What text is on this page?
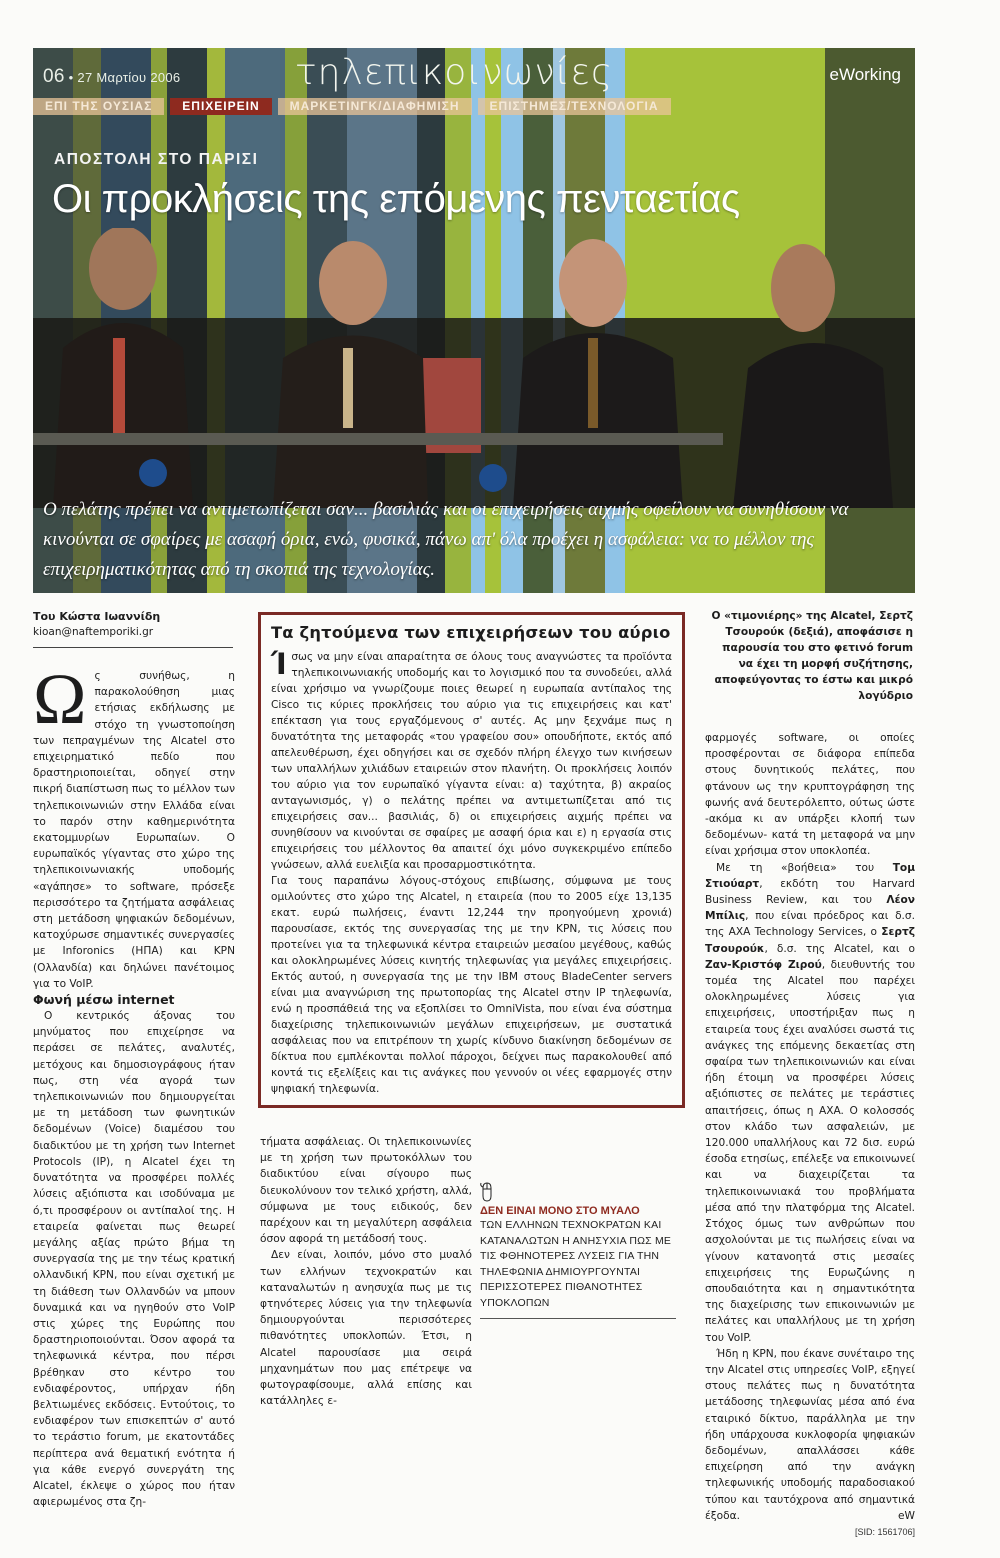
06 • 27 Μαρτίου 2006	τηλεπικοινωνίες	eWorking
ΕΠΙ ΤΗΣ ΟΥΣΙΑΣ	ΕΠΙΧΕΙΡΕΙΝ	ΜΑΡΚΕΤΙΝΓΚ/ΔΙΑΦΗΜΙΣΗ	ΕΠΙΣΤΗΜΕΣ/ΤΕΧΝΟΛΟΓΙΑ
ΑΠΟΣΤΟΛΗ ΣΤΟ ΠΑΡΙΣΙ
Οι προκλήσεις της επόμενης πενταετίας
Ο πελάτης πρέπει να αντιμετωπίζεται σαν... βασιλιάς και οι επιχειρήσεις αιχμής οφείλουν να συνηθίσουν να κινούνται σε σφαίρες με ασαφή όρια, ενώ, φυσικά, πάνω απ' όλα προέχει η ασφάλεια: να το μέλλον της επιχειρηματικότητας από τη σκοπιά της τεχνολογίας.
Του Κώστα Ιωαννίδη
kioan@naftemporiki.gr
Ω ς συνήθως, η παρακολούθηση μιας ετήσιας εκδήλωσης με στόχο τη γνωστοποίηση των πεπραγμένων της Alcatel στο επιχειρηματικό πεδίο που δραστηριοποιείται, οδηγεί στην πικρή διαπίστωση πως το μέλλον των τηλεπικοινωνιών στην Ελλάδα είναι το παρόν στην καθημερινότητα εκατομμυρίων Ευρωπαίων. Ο ευρωπαϊκός γίγαντας στο χώρο της τηλεπικοινωνιακής υποδομής «αγάπησε» το software, πρόσεξε περισσότερο τα ζητήματα ασφάλειας στη μετάδοση ψηφιακών δεδομένων, κατοχύρωσε σημαντικές συνεργασίες με Inforonics (ΗΠΑ) και KPN (Ολλανδία) και δηλώνει πανέτοιμος για το VoIP.
Φωνή μέσω internet
Ο κεντρικός άξονας του μηνύματος που επιχείρησε να περάσει σε πελάτες, αναλυτές, μετόχους και δημοσιογράφους ήταν πως, στη νέα αγορά των τηλεπικοινωνιών που δημιουργείται με τη μετάδοση των φωνητικών δεδομένων (Voice) διαμέσου του διαδικτύου με τη χρήση των Internet Protocols (IP), η Alcatel έχει τη δυνατότητα να προσφέρει πολλές λύσεις αξιόπιστα και ισοδύναμα με ό,τι προσφέρουν οι αντίπαλοί της. Η εταιρεία φαίνεται πως θεωρεί μεγάλης αξίας πρώτο βήμα τη συνεργασία της με την τέως κρατική ολλανδική KPN, που είναι σχετική με τη διάθεση των Ολλανδών να μπουν δυναμικά και να ηγηθούν στο VoIP στις χώρες της Ευρώπης που δραστηριοποιούνται. Όσον αφορά τα τηλεφωνικά κέντρα, που πέρσι βρέθηκαν στο κέντρο του ενδιαφέροντος, υπήρχαν ήδη βελτιωμένες εκδόσεις. Εντούτοις, το ενδιαφέρον των επισκεπτών σ' αυτό το τεράστιο forum, με εκατοντάδες περίπτερα ανά θεματική ενότητα ή για κάθε ενεργό συνεργάτη της Alcatel, έκλεψε ο χώρος που ήταν αφιερωμένος στα ζη-
Τα ζητούμενα των επιχειρήσεων του αύριο

Ίσως να μην είναι απαραίτητα σε όλους τους αναγνώστες τα προϊόντα τηλεπικοινωνιακής υποδομής και το λογισμικό που τα συνοδεύει, αλλά είναι χρήσιμο να γνωρίζουμε ποιες θεωρεί η ευρωπαία αντίπαλος της Cisco τις κύριες προκλήσεις του αύριο για τις επιχειρήσεις και κατ' επέκταση για τους εργαζόμενους σ' αυτές. Ας μην ξεχνάμε πως η δυνατότητα της μεταφοράς «του γραφείου σου» οπουδήποτε, εκτός από απελευθέρωση, έχει οδηγήσει και σε σχεδόν πλήρη έλεγχο των κινήσεων των υπαλλήλων χιλιάδων εταιρειών στον πλανήτη. Οι προκλήσεις λοιπόν του αύριο για τον ευρωπαϊκό γίγαντα είναι: α) ταχύτητα, β) ακραίος ανταγωνισμός, γ) ο πελάτης πρέπει να αντιμετωπίζεται από τις επιχειρήσεις σαν... βασιλιάς, δ) οι επιχειρήσεις αιχμής πρέπει να συνηθίσουν να κινούνται σε σφαίρες με ασαφή όρια και ε) η εργασία στις επιχειρήσεις του μέλλοντος θα απαιτεί όχι μόνο συγκεκριμένο επίπεδο γνώσεων, αλλά ευελιξία και προσαρμοστικότητα.

Για τους παραπάνω λόγους-στόχους επιβίωσης, σύμφωνα με τους ομιλούντες στο χώρο της Alcatel, η εταιρεία (που το 2005 είχε 13,135 εκατ. ευρώ πωλήσεις, έναντι 12,244 την προηγούμενη χρονιά) παρουσίασε, εκτός της συνεργασίας της με την KPN, τις λύσεις που προτείνει για τα τηλεφωνικά κέντρα εταιρειών μεσαίου μεγέθους, καθώς και ολοκληρωμένες λύσεις κινητής τηλεφωνίας για μεγάλες επιχειρήσεις. Εκτός αυτού, η συνεργασία της με την IBM στους BladeCenter servers είναι μια αναγνώριση της πρωτοπορίας της Alcatel στην IP τηλεφωνία, ενώ η προσπάθειά της να εξοπλίσει το OmniVista, που είναι ένα σύστημα διαχείρισης τηλεπικοινωνιών μεγάλων επιχειρήσεων, με συστατικά ασφάλειας που να επιτρέπουν τη χωρίς κίνδυνο διακίνηση δεδομένων σε δίκτυα που εμπλέκονται πολλοί πάροχοι, δείχνει πως παρακολουθεί από κοντά τις εξελίξεις και τις ανάγκες που γεννούν οι νέες εφαρμογές στην ψηφιακή τηλεφωνία.

τήματα ασφάλειας. Οι τηλεπικοινωνίες με τη χρήση των πρωτοκόλλων του διαδικτύου είναι σίγουρο πως διευκολύνουν τον τελικό χρήστη, αλλά, σύμφωνα με τους ειδικούς, δεν παρέχουν και τη μεγαλύτερη ασφάλεια όσον αφορά τη μετάδοσή τους.
Δεν είναι, λοιπόν, μόνο στο μυαλό των ελλήνων τεχνοκρατών και καταναλωτών η ανησυχία πως με τις φτηνότερες λύσεις για την τηλεφωνία δημιουργούνται περισσότερες πιθανότητες υποκλοπών. Έτσι, η Alcatel παρουσίασε μια σειρά μηχανημάτων που μας επέτρεψε να φωτογραφίσουμε, αλλά επίσης και κατάλληλες ε-
ΔΕΝ ΕΙΝΑΙ ΜΟΝΟ ΣΤΟ ΜΥΑΛΟ
ΤΩΝ ΕΛΛΗΝΩΝ ΤΕΧΝΟΚΡΑΤΩΝ ΚΑΙ ΚΑΤΑΝΑΛΩΤΩΝ Η ΑΝΗΣΥΧΙΑ ΠΩΣ ΜΕ ΤΙΣ ΦΘΗΝΟΤΕΡΕΣ ΛΥΣΕΙΣ ΓΙΑ ΤΗΝ ΤΗΛΕΦΩΝΙΑ ΔΗΜΙΟΥΡΓΟΥΝΤΑΙ ΠΕΡΙΣΣΟΤΕΡΕΣ ΠΙΘΑΝΟΤΗΤΕΣ ΥΠΟΚΛΟΠΩΝ
Ο «τιμονιέρης» της Alcatel, Σερτζ Τσουρούκ (δεξιά), αποφάσισε η παρουσία του στο φετινό forum να έχει τη μορφή συζήτησης, αποφεύγοντας το έστω και μικρό λογύδριο
φαρμογές software, οι οποίες προσφέρονται σε διάφορα επίπεδα στους δυνητικούς πελάτες, που φτάνουν ως την κρυπτογράφηση της φωνής ανά δευτερόλεπτο, ούτως ώστε -ακόμα κι αν υπάρξει κλοπή των δεδομένων- κατά τη μεταφορά να μην είναι χρήσιμα στον υποκλοπέα.
Με τη «βοήθεια» του Τομ Στιούαρτ, εκδότη του Harvard Business Review, και του Λέον Μπίλις, που είναι πρόεδρος και δ.σ. της AXA Technology Services, ο Σερτζ Τσουρούκ, δ.σ. της Alcatel, και ο Ζαν-Κριστόφ Ζιρού, διευθυντής του τομέα της Alcatel που παρέχει ολοκληρωμένες λύσεις για επιχειρήσεις, υποστήριξαν πως η εταιρεία τους έχει αναλύσει σωστά τις ανάγκες της επόμενης δεκαετίας στη σφαίρα των τηλεπικοινωνιών και είναι ήδη έτοιμη να προσφέρει λύσεις αξιόπιστες σε πελάτες με τεράστιες απαιτήσεις, όπως η AXA. Ο κολοσσός στον κλάδο των ασφαλειών, με 120.000 υπαλλήλους και 72 δισ. ευρώ έσοδα ετησίως, επέλεξε να επικοινωνεί και να διαχειρίζεται τα τηλεπικοινωνιακά του προβλήματα μέσα από την πλατφόρμα της Alcatel. Στόχος όμως των ανθρώπων που ασχολούνται με τις πωλήσεις είναι να γίνουν κατανοητά στις μεσαίες επιχειρήσεις της Ευρωζώνης η σπουδαιότητα και η σημαντικότητα της διαχείρισης των επικοινωνιών με πελάτες και υπαλλήλους με τη χρήση του VoIP.
Ήδη η KPN, που έκανε συνέταιρο της την Alcatel στις υπηρεσίες VoIP, εξηγεί στους πελάτες πως η δυνατότητα μετάδοσης τηλεφωνίας μέσα από ένα εταιρικό δίκτυο, παράλληλα με την ήδη υπάρχουσα κυκλοφορία ψηφιακών δεδομένων, απαλλάσσει κάθε επιχείρηση από την ανάγκη τηλεφωνικής υποδομής παραδοσιακού τύπου και ταυτόχρονα από σημαντικά έξοδα.	eW
[SID: 1561706]
